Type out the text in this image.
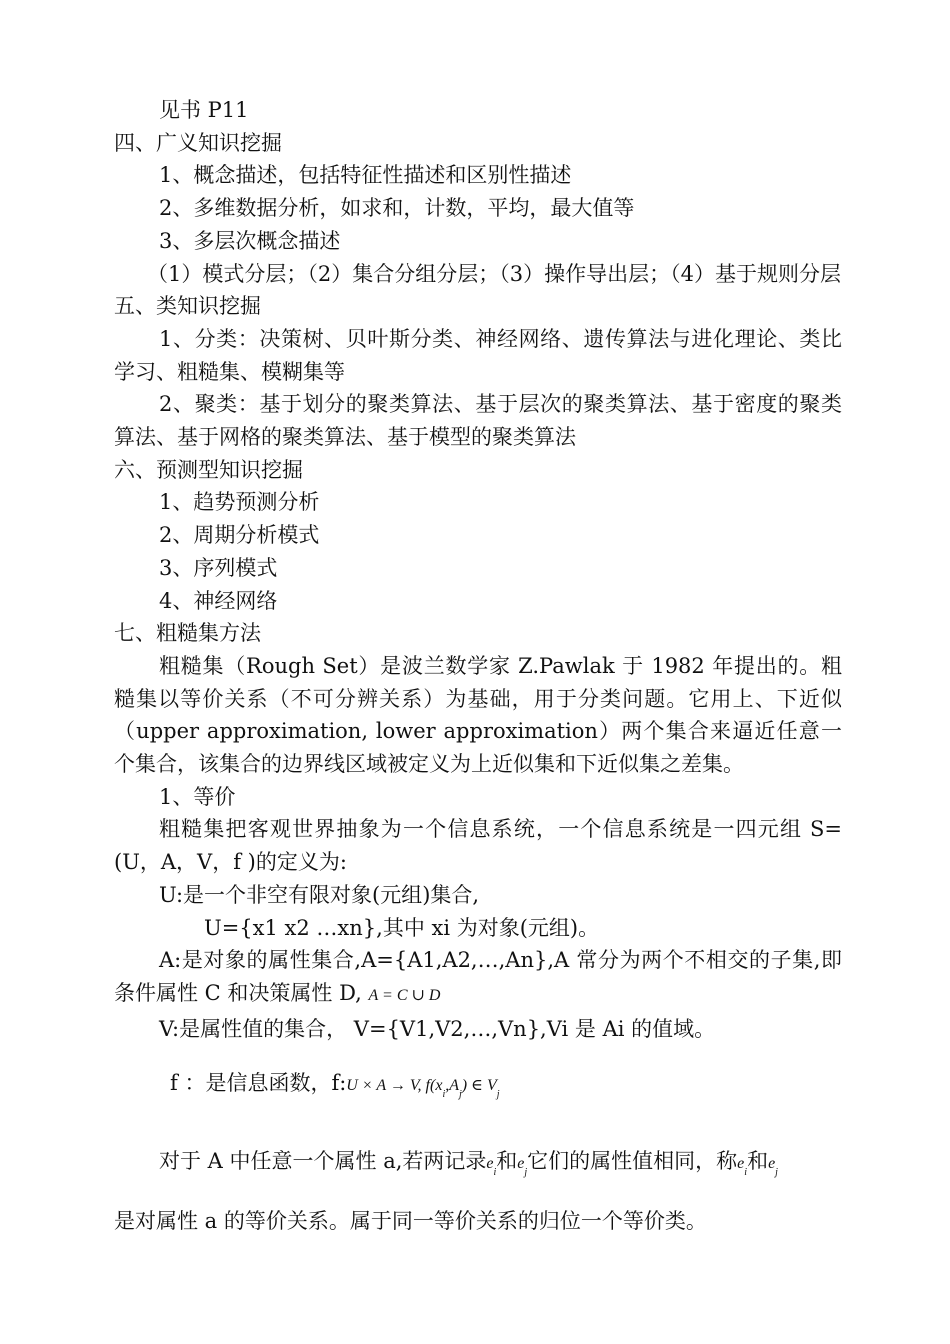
见书 P11
四、广义知识挖掘
1、概念描述，包括特征性描述和区别性描述
2、多维数据分析，如求和，计数，平均，最大值等
3、多层次概念描述
（1）模式分层；（2）集合分组分层；（3）操作导出层；（4）基于规则分层
五、类知识挖掘
1、分类：决策树、贝叶斯分类、神经网络、遗传算法与进化理论、类比学习、粗糙集、模糊集等
2、聚类：基于划分的聚类算法、基于层次的聚类算法、基于密度的聚类算法、基于网格的聚类算法、基于模型的聚类算法
六、预测型知识挖掘
1、趋势预测分析
2、周期分析模式
3、序列模式
4、神经网络
七、粗糙集方法
粗糙集（Rough Set）是波兰数学家 Z.Pawlak 于 1982 年提出的。粗糙集以等价关系（不可分辨关系）为基础，用于分类问题。它用上、下近似（upper approximation, lower approximation）两个集合来逼近任意一个集合，该集合的边界线区域被定义为上近似集和下近似集之差集。
1、等价
粗糙集把客观世界抽象为一个信息系统，一个信息系统是一四元组 S=(U，A，V，f )的定义为:
U:是一个非空有限对象(元组)集合,
U={x1 x2 …xn},其中 xi 为对象(元组)。
A:是对象的属性集合,A={A1,A2,…,An},A 常分为两个不相交的子集,即条件属性 C 和决策属性 D, A = C ∪ D
V:是属性值的集合， V={V1,V2,…,Vn},Vi 是 Ai 的值域。
f ：是信息函数，f:U × A → V, $f(x_i,A_j)$ ∈ $V_j$
对于 A 中任意一个属性 a,若两记录$e_i$和$e_j$它们的属性值相同，称$e_i$和$e_j$
是对属性 a 的等价关系。属于同一等价关系的归位一个等价类。
